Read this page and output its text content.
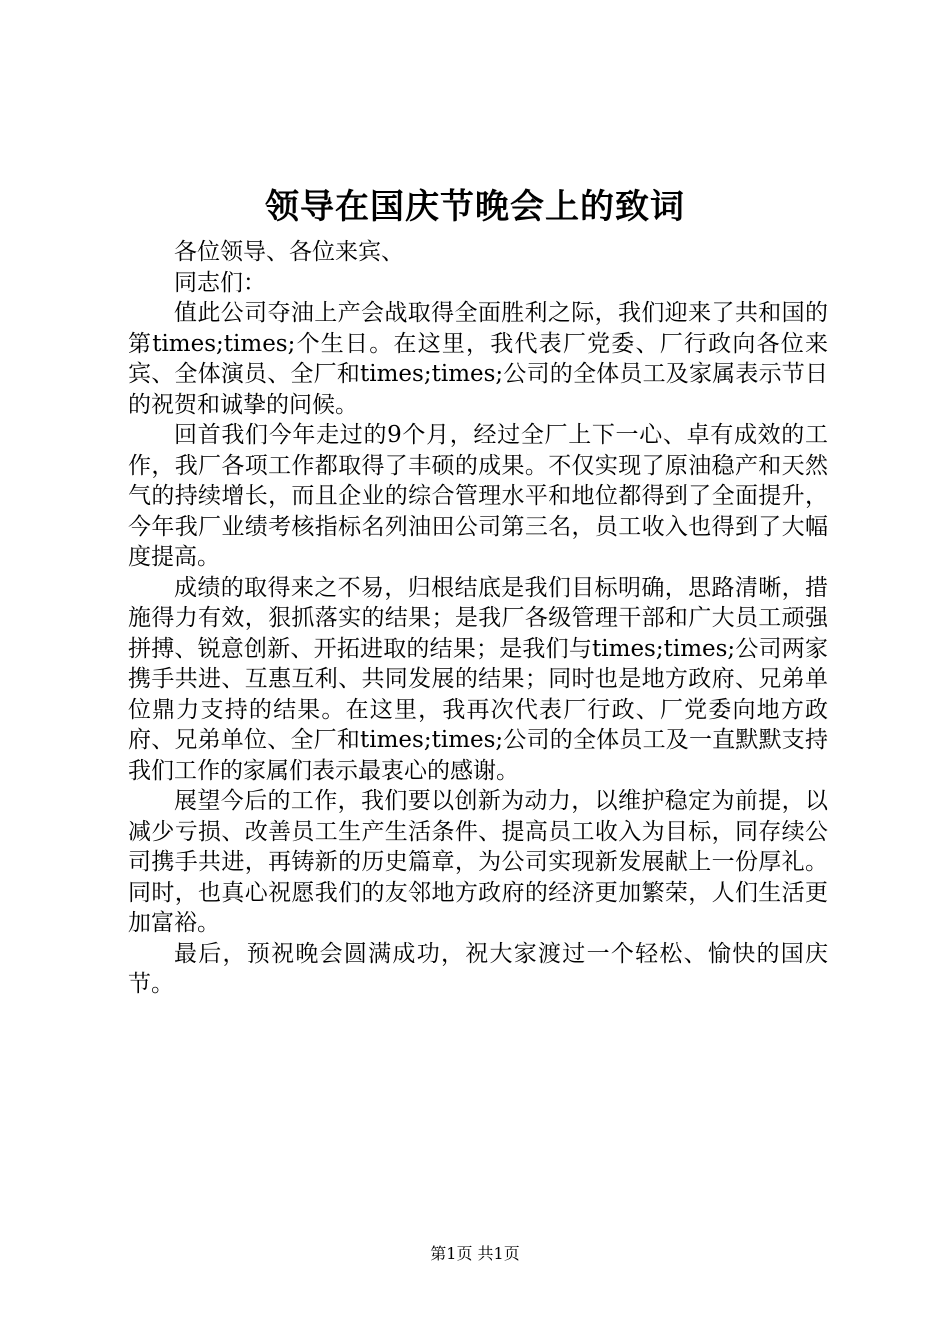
领导在国庆节晚会上的致词

各位领导、各位来宾、

同志们：

值此公司夺油上产会战取得全面胜利之际，我们迎来了共和国的第times;times;个生日。在这里，我代表厂党委、厂行政向各位来宾、全体演员、全厂和times;times;公司的全体员工及家属表示节日的祝贺和诚挚的问候。

回首我们今年走过的9个月，经过全厂上下一心、卓有成效的工作，我厂各项工作都取得了丰硕的成果。不仅实现了原油稳产和天然气的持续增长，而且企业的综合管理水平和地位都得到了全面提升，今年我厂业绩考核指标名列油田公司第三名，员工收入也得到了大幅度提高。

成绩的取得来之不易，归根结底是我们目标明确，思路清晰，措施得力有效，狠抓落实的结果；是我厂各级管理干部和广大员工顽强拼搏、锐意创新、开拓进取的结果；是我们与times;times;公司两家携手共进、互惠互利、共同发展的结果；同时也是地方政府、兄弟单位鼎力支持的结果。在这里，我再次代表厂行政、厂党委向地方政府、兄弟单位、全厂和times;times;公司的全体员工及一直默默支持我们工作的家属们表示最衷心的感谢。

展望今后的工作，我们要以创新为动力，以维护稳定为前提，以减少亏损、改善员工生产生活条件、提高员工收入为目标，同存续公司携手共进，再铸新的历史篇章，为公司实现新发展献上一份厚礼。同时，也真心祝愿我们的友邻地方政府的经济更加繁荣，人们生活更加富裕。

最后，预祝晚会圆满成功，祝大家渡过一个轻松、愉快的国庆节。

第1页 共1页
